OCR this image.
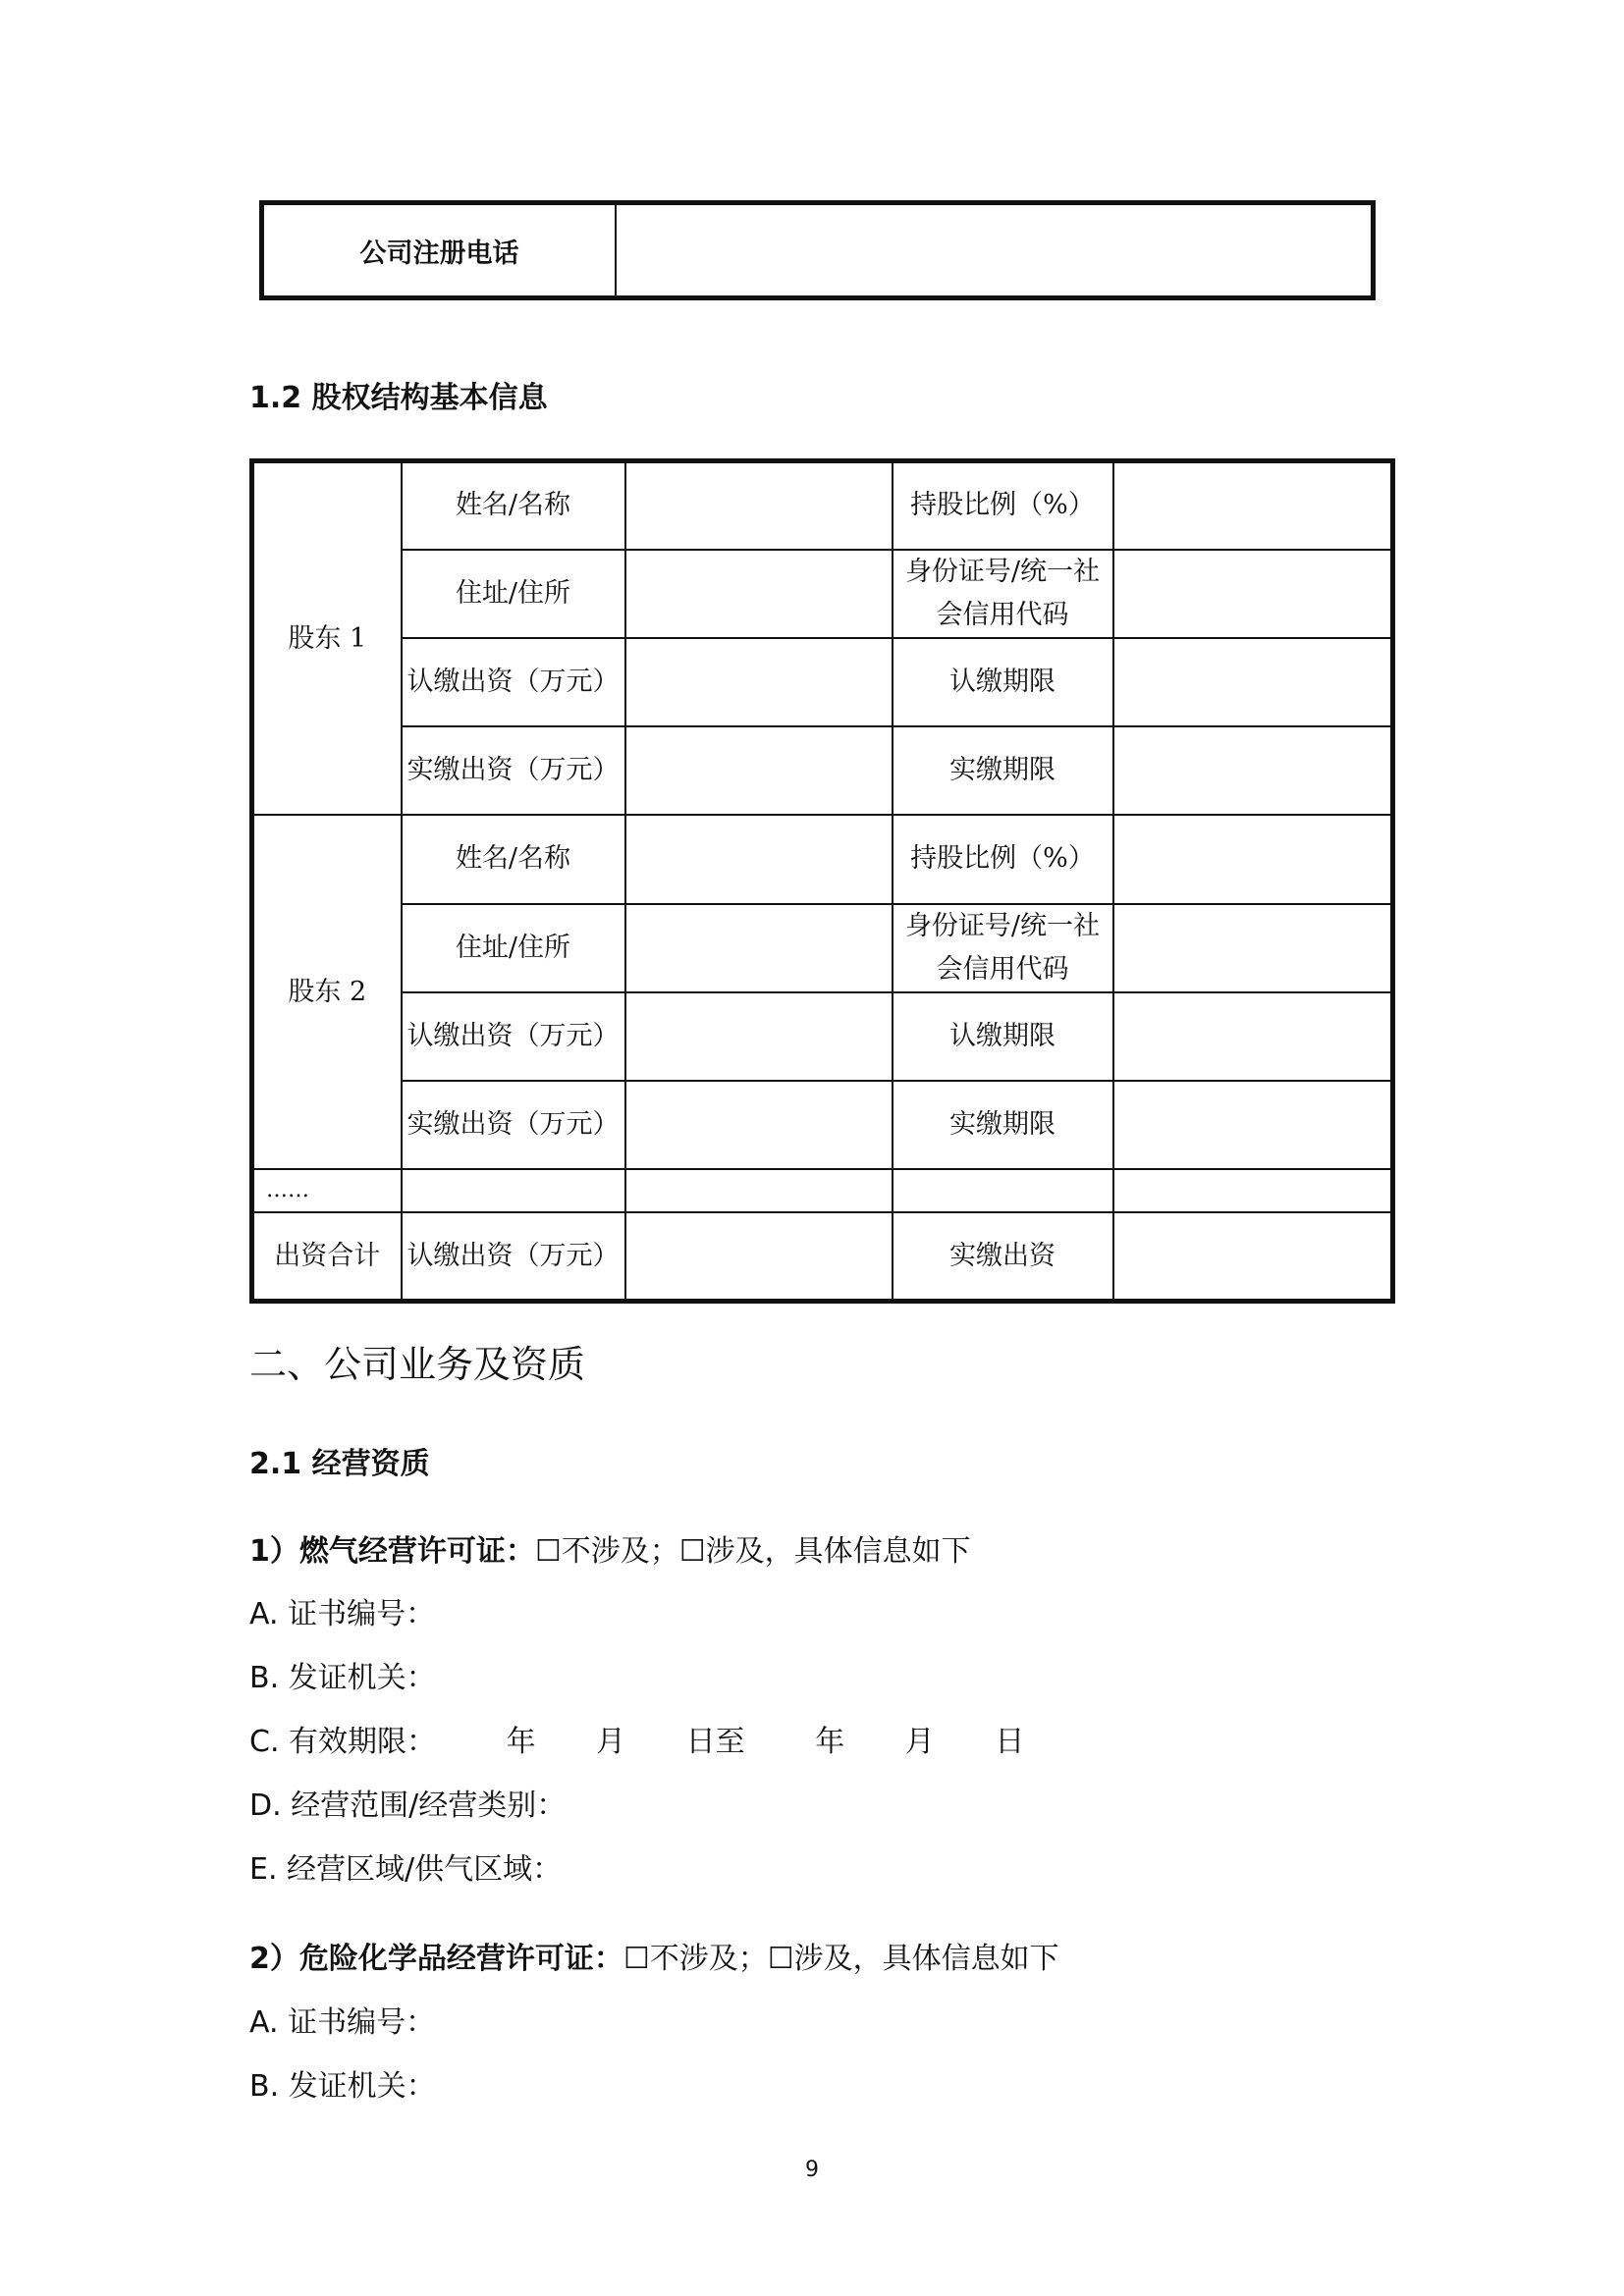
公司注册电话	
1.2 股权结构基本信息
股东 1	姓名/名称		持股比例（%）	
	住址/住所		身份证号/统一社会信用代码	
	认缴出资（万元）		认缴期限	
	实缴出资（万元）		实缴期限	
股东 2	姓名/名称		持股比例（%）	
	住址/住所		身份证号/统一社会信用代码	
	认缴出资（万元）		认缴期限	
	实缴出资（万元）		实缴期限	
……				
出资合计	认缴出资（万元）		实缴出资	
二、公司业务及资质
2.1 经营资质
1）燃气经营许可证：☐不涉及；☐涉及，具体信息如下
A. 证书编号：
B. 发证机关：
C. 有效期限： 年 月 日至 年 月 日
D. 经营范围/经营类别：
E. 经营区域/供气区域：
2）危险化学品经营许可证：☐不涉及；☐涉及，具体信息如下
A. 证书编号：
B. 发证机关：
9
